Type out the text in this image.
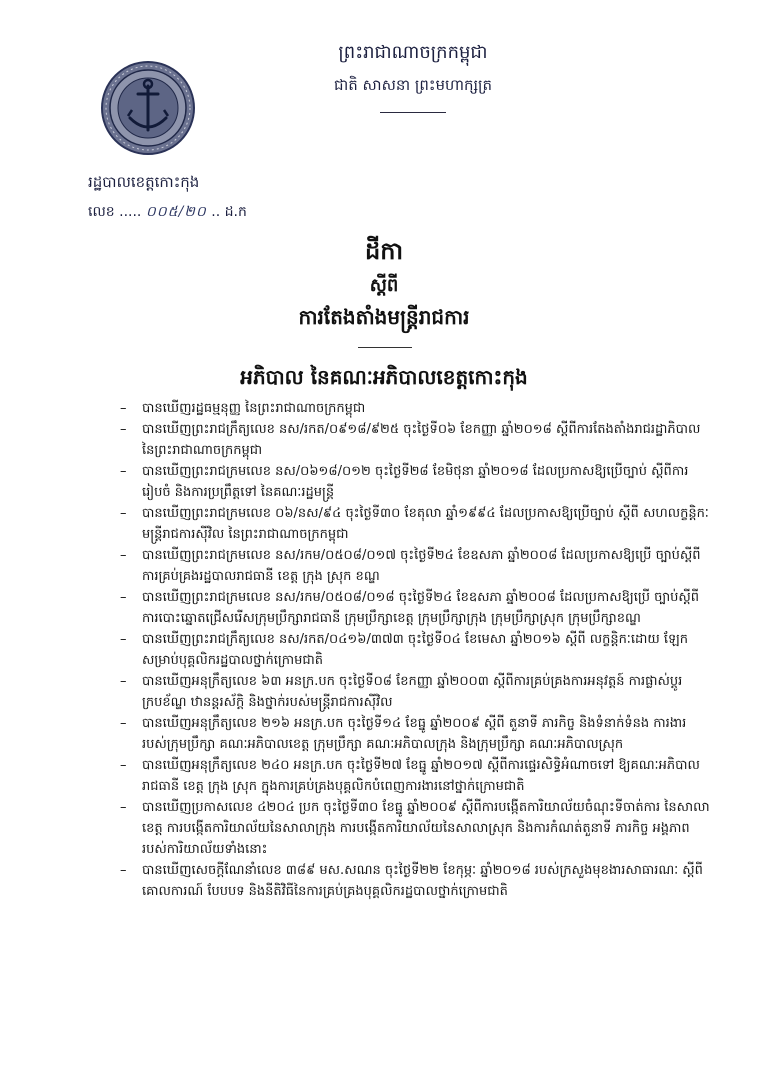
ព្រះរាជាណាចក្រកម្ពុជា
ជាតិ សាសនា ព្រះមហាក្សត្រ
រដ្ឋបាលខេត្តកោះកុង
លេខ ..... ០០៥/២០ .. ដ.ក
ដីកា
ស្តីពី
ការតែងតាំងមន្ត្រីរាជការ
អភិបាល នៃគណៈអភិបាលខេត្តកោះកុង
–	បានឃើញរដ្ឋធម្មនុញ្ញ នៃព្រះរាជាណាចក្រកម្ពុជា
–	បានឃើញព្រះរាជក្រឹត្យលេខ នស/រកត/០៩១៨/៩២៥ ចុះថ្ងៃទី០៦ ខែកញ្ញា ឆ្នាំ២០១៨ ស្តីពីការតែងតាំងរាជរដ្ឋាភិបាល នៃព្រះរាជាណាចក្រកម្ពុជា
–	បានឃើញព្រះរាជក្រមលេខ នស/០៦១៨/០១២ ចុះថ្ងៃទី២៨ ខែមិថុនា ឆ្នាំ២០១៨ ដែលប្រកាសឱ្យប្រើច្បាប់ ស្តីពីការរៀបចំ និងការប្រព្រឹត្តទៅ នៃគណៈរដ្ឋមន្ត្រី
–	បានឃើញព្រះរាជក្រមលេខ ០៦/នស/៩៤ ចុះថ្ងៃទី៣០ ខែតុលា ឆ្នាំ១៩៩៤ ដែលប្រកាសឱ្យប្រើច្បាប់ ស្តីពី សហលក្ខន្តិកៈមន្ត្រីរាជការស៊ីវិល នៃព្រះរាជាណាចក្រកម្ពុជា
–	បានឃើញព្រះរាជក្រមលេខ នស/រកម/០៥០៨/០១៧ ចុះថ្ងៃទី២៤ ខែឧសភា ឆ្នាំ២០០៨ ដែលប្រកាសឱ្យប្រើ ច្បាប់ស្តីពី ការគ្រប់គ្រងរដ្ឋបាលរាជធានី ខេត្ត ក្រុង ស្រុក ខណ្ឌ
–	បានឃើញព្រះរាជក្រមលេខ នស/រកម/០៥០៨/០១៨ ចុះថ្ងៃទី២៤ ខែឧសភា ឆ្នាំ២០០៨ ដែលប្រកាសឱ្យប្រើ ច្បាប់ស្តីពី ការបោះឆ្នោតជ្រើសរើសក្រុមប្រឹក្សារាជធានី ក្រុមប្រឹក្សាខេត្ត ក្រុមប្រឹក្សាក្រុង ក្រុមប្រឹក្សាស្រុក ក្រុមប្រឹក្សាខណ្ឌ
–	បានឃើញព្រះរាជក្រឹត្យលេខ នស/រកត/០៤១៦/៣៧៣ ចុះថ្ងៃទី០៤ ខែមេសា ឆ្នាំ២០១៦ ស្តីពី លក្ខន្តិកៈដោយ ឡែកសម្រាប់បុគ្គលិករដ្ឋបាលថ្នាក់ក្រោមជាតិ
–	បានឃើញអនុក្រឹត្យលេខ ៦៣ អនក្រ.បក ចុះថ្ងៃទី០៨ ខែកញ្ញា ឆ្នាំ២០០៣ ស្តីពីការគ្រប់គ្រងការអនុវត្តន៍ ការផ្លាស់ប្តូរក្របខ័ណ្ឌ ឋានន្តរស័ក្តិ និងថ្នាក់របស់មន្ត្រីរាជការស៊ីវិល
–	បានឃើញអនុក្រឹត្យលេខ ២១៦ អនក្រ.បក ចុះថ្ងៃទី១៤ ខែធ្នូ ឆ្នាំ២០០៩ ស្តីពី តួនាទី ភារកិច្ច និងទំនាក់ទំនង ការងាររបស់ក្រុមប្រឹក្សា គណៈអភិបាលខេត្ត ក្រុមប្រឹក្សា គណៈអភិបាលក្រុង និងក្រុមប្រឹក្សា គណៈអភិបាលស្រុក
–	បានឃើញអនុក្រឹត្យលេខ ២៤០ អនក្រ.បក ចុះថ្ងៃទី២៧ ខែធ្នូ ឆ្នាំ២០១៧ ស្តីពីការផ្ទេរសិទ្ធិអំណាចទៅ ឱ្យគណៈអភិបាលរាជធានី ខេត្ត ក្រុង ស្រុក ក្នុងការគ្រប់គ្រងបុគ្គលិកបំពេញការងារនៅថ្នាក់ក្រោមជាតិ
–	បានឃើញប្រកាសលេខ ៤២០៤ ប្រក ចុះថ្ងៃទី៣០ ខែធ្នូ ឆ្នាំ២០០៩ ស្តីពីការបង្កើតការិយាល័យចំណុះទីចាត់ការ នៃសាលាខេត្ត ការបង្កើតការិយាល័យនៃសាលាក្រុង ការបង្កើតការិយាល័យនៃសាលាស្រុក និងការកំណត់តួនាទី ភារកិច្ច អង្គភាពរបស់ការិយាល័យទាំងនោះ
–	បានឃើញសេចក្តីណែនាំលេខ ៣៨៩ មស.សណន ចុះថ្ងៃទី២២ ខែកុម្ភៈ ឆ្នាំ២០១៨ របស់ក្រសួងមុខងារសាធារណៈ ស្តីពីគោលការណ៍ បែបបទ និងនីតិវិធីនៃការគ្រប់គ្រងបុគ្គលិករដ្ឋបាលថ្នាក់ក្រោមជាតិ
